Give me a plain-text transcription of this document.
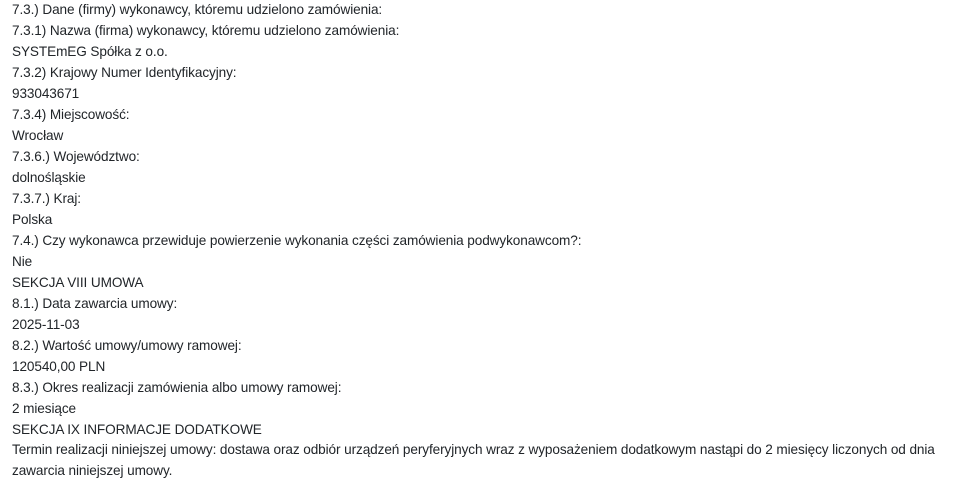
7.3.) Dane (firmy) wykonawcy, któremu udzielono zamówienia:
7.3.1) Nazwa (firma) wykonawcy, któremu udzielono zamówienia:
SYSTEmEG Spółka z o.o.
7.3.2) Krajowy Numer Identyfikacyjny:
933043671
7.3.4) Miejscowość:
Wrocław
7.3.6.) Województwo:
dolnośląskie
7.3.7.) Kraj:
Polska
7.4.) Czy wykonawca przewiduje powierzenie wykonania części zamówienia podwykonawcom?:
Nie
SEKCJA VIII UMOWA
8.1.) Data zawarcia umowy:
2025-11-03
8.2.) Wartość umowy/umowy ramowej:
120540,00 PLN
8.3.) Okres realizacji zamówienia albo umowy ramowej:
2 miesiące
SEKCJA IX INFORMACJE DODATKOWE
Termin realizacji niniejszej umowy: dostawa oraz odbiór urządzeń peryferyjnych wraz z wyposażeniem dodatkowym nastąpi do 2 miesięcy liczonych od dnia zawarcia niniejszej umowy.
